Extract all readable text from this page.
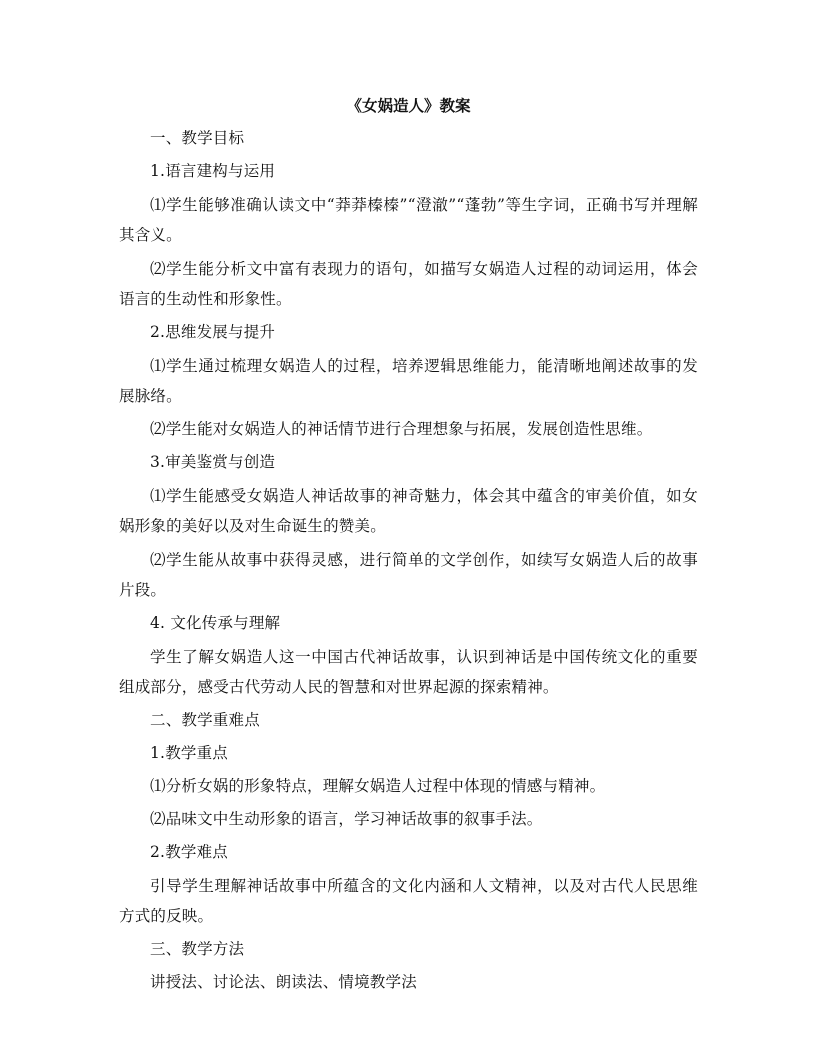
《女娲造人》教案
一、教学目标
1.语言建构与运用
⑴学生能够准确认读文中“莽莽榛榛”“澄澈”“蓬勃”等生字词，正确书写并理解其含义。
⑵学生能分析文中富有表现力的语句，如描写女娲造人过程的动词运用，体会语言的生动性和形象性。
2.思维发展与提升
⑴学生通过梳理女娲造人的过程，培养逻辑思维能力，能清晰地阐述故事的发展脉络。
⑵学生能对女娲造人的神话情节进行合理想象与拓展，发展创造性思维。
3.审美鉴赏与创造
⑴学生能感受女娲造人神话故事的神奇魅力，体会其中蕴含的审美价值，如女娲形象的美好以及对生命诞生的赞美。
⑵学生能从故事中获得灵感，进行简单的文学创作，如续写女娲造人后的故事片段。
4. 文化传承与理解
学生了解女娲造人这一中国古代神话故事，认识到神话是中国传统文化的重要组成部分，感受古代劳动人民的智慧和对世界起源的探索精神。
二、教学重难点
1.教学重点
⑴分析女娲的形象特点，理解女娲造人过程中体现的情感与精神。
⑵品味文中生动形象的语言，学习神话故事的叙事手法。
2.教学难点
引导学生理解神话故事中所蕴含的文化内涵和人文精神，以及对古代人民思维方式的反映。
三、教学方法
讲授法、讨论法、朗读法、情境教学法
